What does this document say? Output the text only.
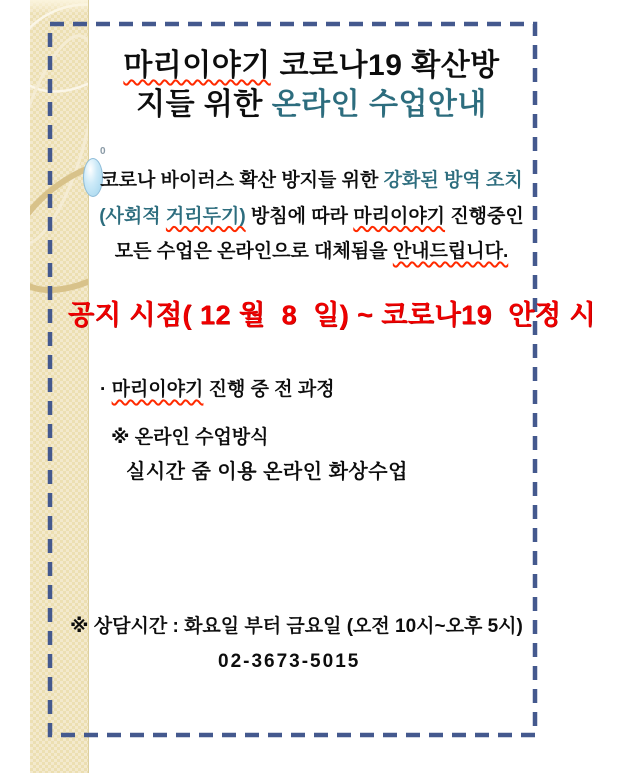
마리이야기 코로나19 확산방
지들 위한 온라인 수업안내
0
코로나 바이러스 확산 방지들 위한 강화된 방역 조치
(사회적 거리두기) 방침에 따라 마리이야기 진행중인
모든 수업은 온라인으로 대체됨을 안내드립니다.
공지 시점( 12 월  8  일) ~ 코로나19  안정 시
· 마리이야기 진행 중 전 과정
※ 온라인 수업방식
실시간 줌 이용 온라인 화상수업
※ 상담시간 : 화요일 부터 금요일 (오전 10시~오후 5시)
02-3673-5015
